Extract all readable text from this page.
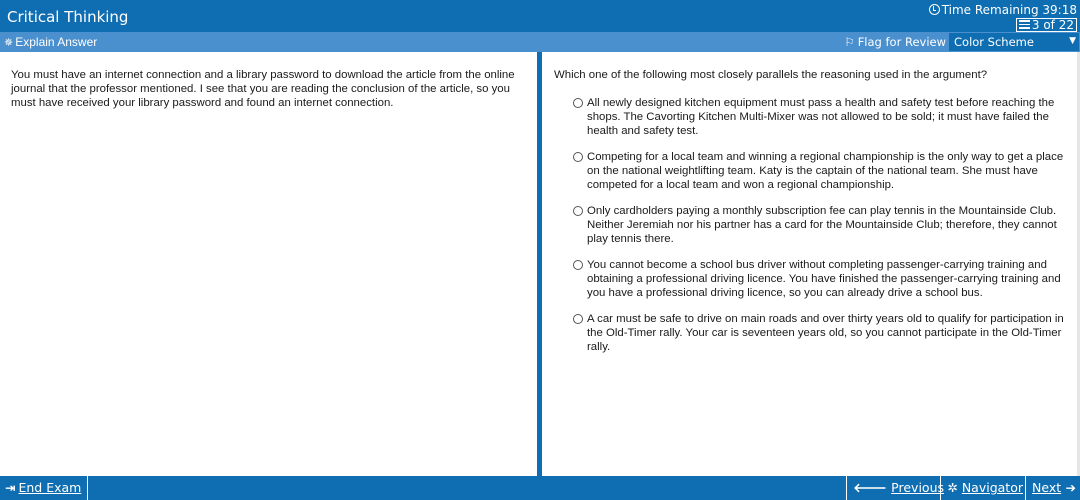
Critical Thinking	Time Remaining 39:18
3 of 22
✵ Explain Answer	⚐ Flag for Review Color Scheme	▼

You must have an internet connection and a library password to download the article from the online journal that the professor mentioned. I see that you are reading the conclusion of the article, so you must have received your library password and found an internet connection.

Which one of the following most closely parallels the reasoning used in the argument?

All newly designed kitchen equipment must pass a health and safety test before reaching the shops. The Cavorting Kitchen Multi-Mixer was not allowed to be sold; it must have failed the health and safety test.
Competing for a local team and winning a regional championship is the only way to get a place on the national weightlifting team. Katy is the captain of the national team. She must have competed for a local team and won a regional championship.
Only cardholders paying a monthly subscription fee can play tennis in the Mountainside Club. Neither Jeremiah nor his partner has a card for the Mountainside Club; therefore, they cannot play tennis there.
You cannot become a school bus driver without completing passenger-carrying training and obtaining a professional driving licence. You have finished the passenger-carrying training and you have a professional driving licence, so you can already drive a school bus.
A car must be safe to drive on main roads and over thirty years old to qualify for participation in the Old-Timer rally. Your car is seventeen years old, so you cannot participate in the Old-Timer rally.
⇥ End Exam	🡐 Previous ✲ Navigator Next ➔
